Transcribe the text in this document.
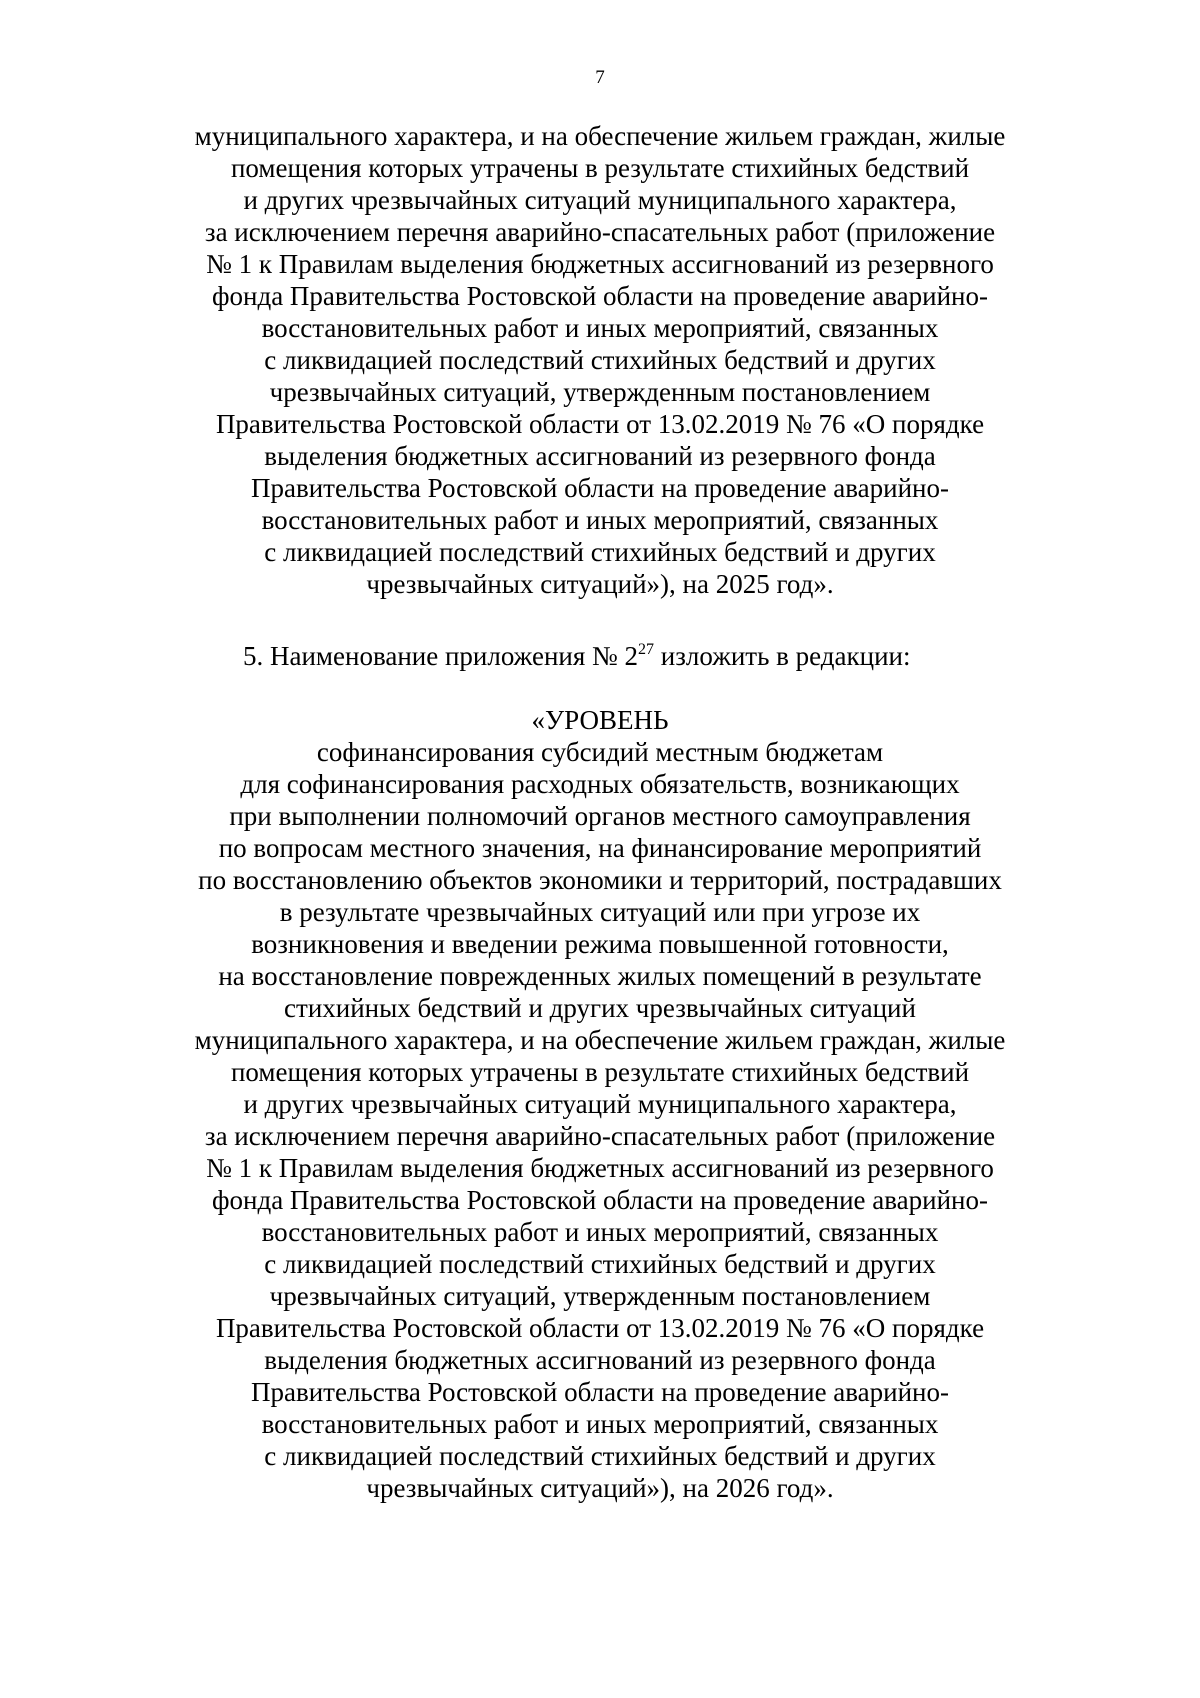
7
муниципального характера, и на обеспечение жильем граждан, жилые
помещения которых утрачены в результате стихийных бедствий
и других чрезвычайных ситуаций муниципального характера,
за исключением перечня аварийно-спасательных работ (приложение
№ 1 к Правилам выделения бюджетных ассигнований из резервного
фонда Правительства Ростовской области на проведение аварийно-
восстановительных работ и иных мероприятий, связанных
с ликвидацией последствий стихийных бедствий и других
чрезвычайных ситуаций, утвержденным постановлением
Правительства Ростовской области от 13.02.2019 № 76 «О порядке
выделения бюджетных ассигнований из резервного фонда
Правительства Ростовской области на проведение аварийно-
восстановительных работ и иных мероприятий, связанных
с ликвидацией последствий стихийных бедствий и других
чрезвычайных ситуаций»), на 2025 год».
5. Наименование приложения № $2^{27}$ изложить в редакции:
«УРОВЕНЬ
софинансирования субсидий местным бюджетам
для софинансирования расходных обязательств, возникающих
при выполнении полномочий органов местного самоуправления
по вопросам местного значения, на финансирование мероприятий
по восстановлению объектов экономики и территорий, пострадавших
в результате чрезвычайных ситуаций или при угрозе их
возникновения и введении режима повышенной готовности,
на восстановление поврежденных жилых помещений в результате
стихийных бедствий и других чрезвычайных ситуаций
муниципального характера, и на обеспечение жильем граждан, жилые
помещения которых утрачены в результате стихийных бедствий
и других чрезвычайных ситуаций муниципального характера,
за исключением перечня аварийно-спасательных работ (приложение
№ 1 к Правилам выделения бюджетных ассигнований из резервного
фонда Правительства Ростовской области на проведение аварийно-
восстановительных работ и иных мероприятий, связанных
с ликвидацией последствий стихийных бедствий и других
чрезвычайных ситуаций, утвержденным постановлением
Правительства Ростовской области от 13.02.2019 № 76 «О порядке
выделения бюджетных ассигнований из резервного фонда
Правительства Ростовской области на проведение аварийно-
восстановительных работ и иных мероприятий, связанных
с ликвидацией последствий стихийных бедствий и других
чрезвычайных ситуаций»), на 2026 год».
